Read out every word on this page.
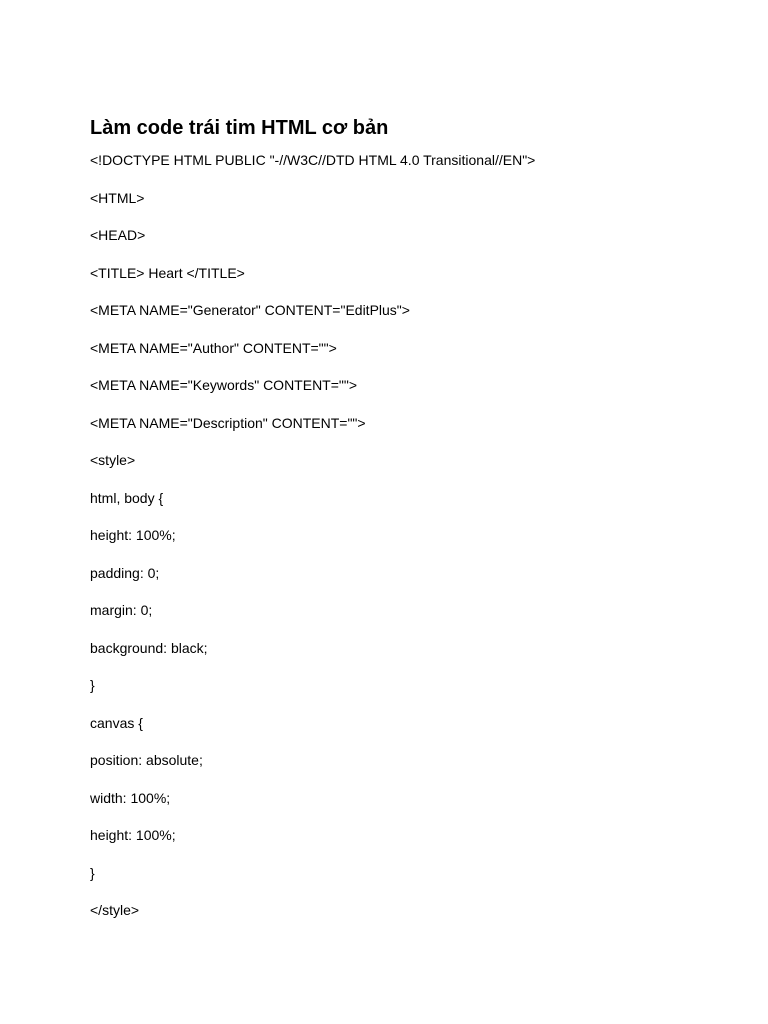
Làm code trái tim HTML cơ bản
<!DOCTYPE HTML PUBLIC "-//W3C//DTD HTML 4.0 Transitional//EN">
<HTML>
<HEAD>
<TITLE> Heart </TITLE>
<META NAME="Generator" CONTENT="EditPlus">
<META NAME="Author" CONTENT="">
<META NAME="Keywords" CONTENT="">
<META NAME="Description" CONTENT="">
<style>
html, body {
height: 100%;
padding: 0;
margin: 0;
background: black;
}
canvas {
position: absolute;
width: 100%;
height: 100%;
}
</style>
